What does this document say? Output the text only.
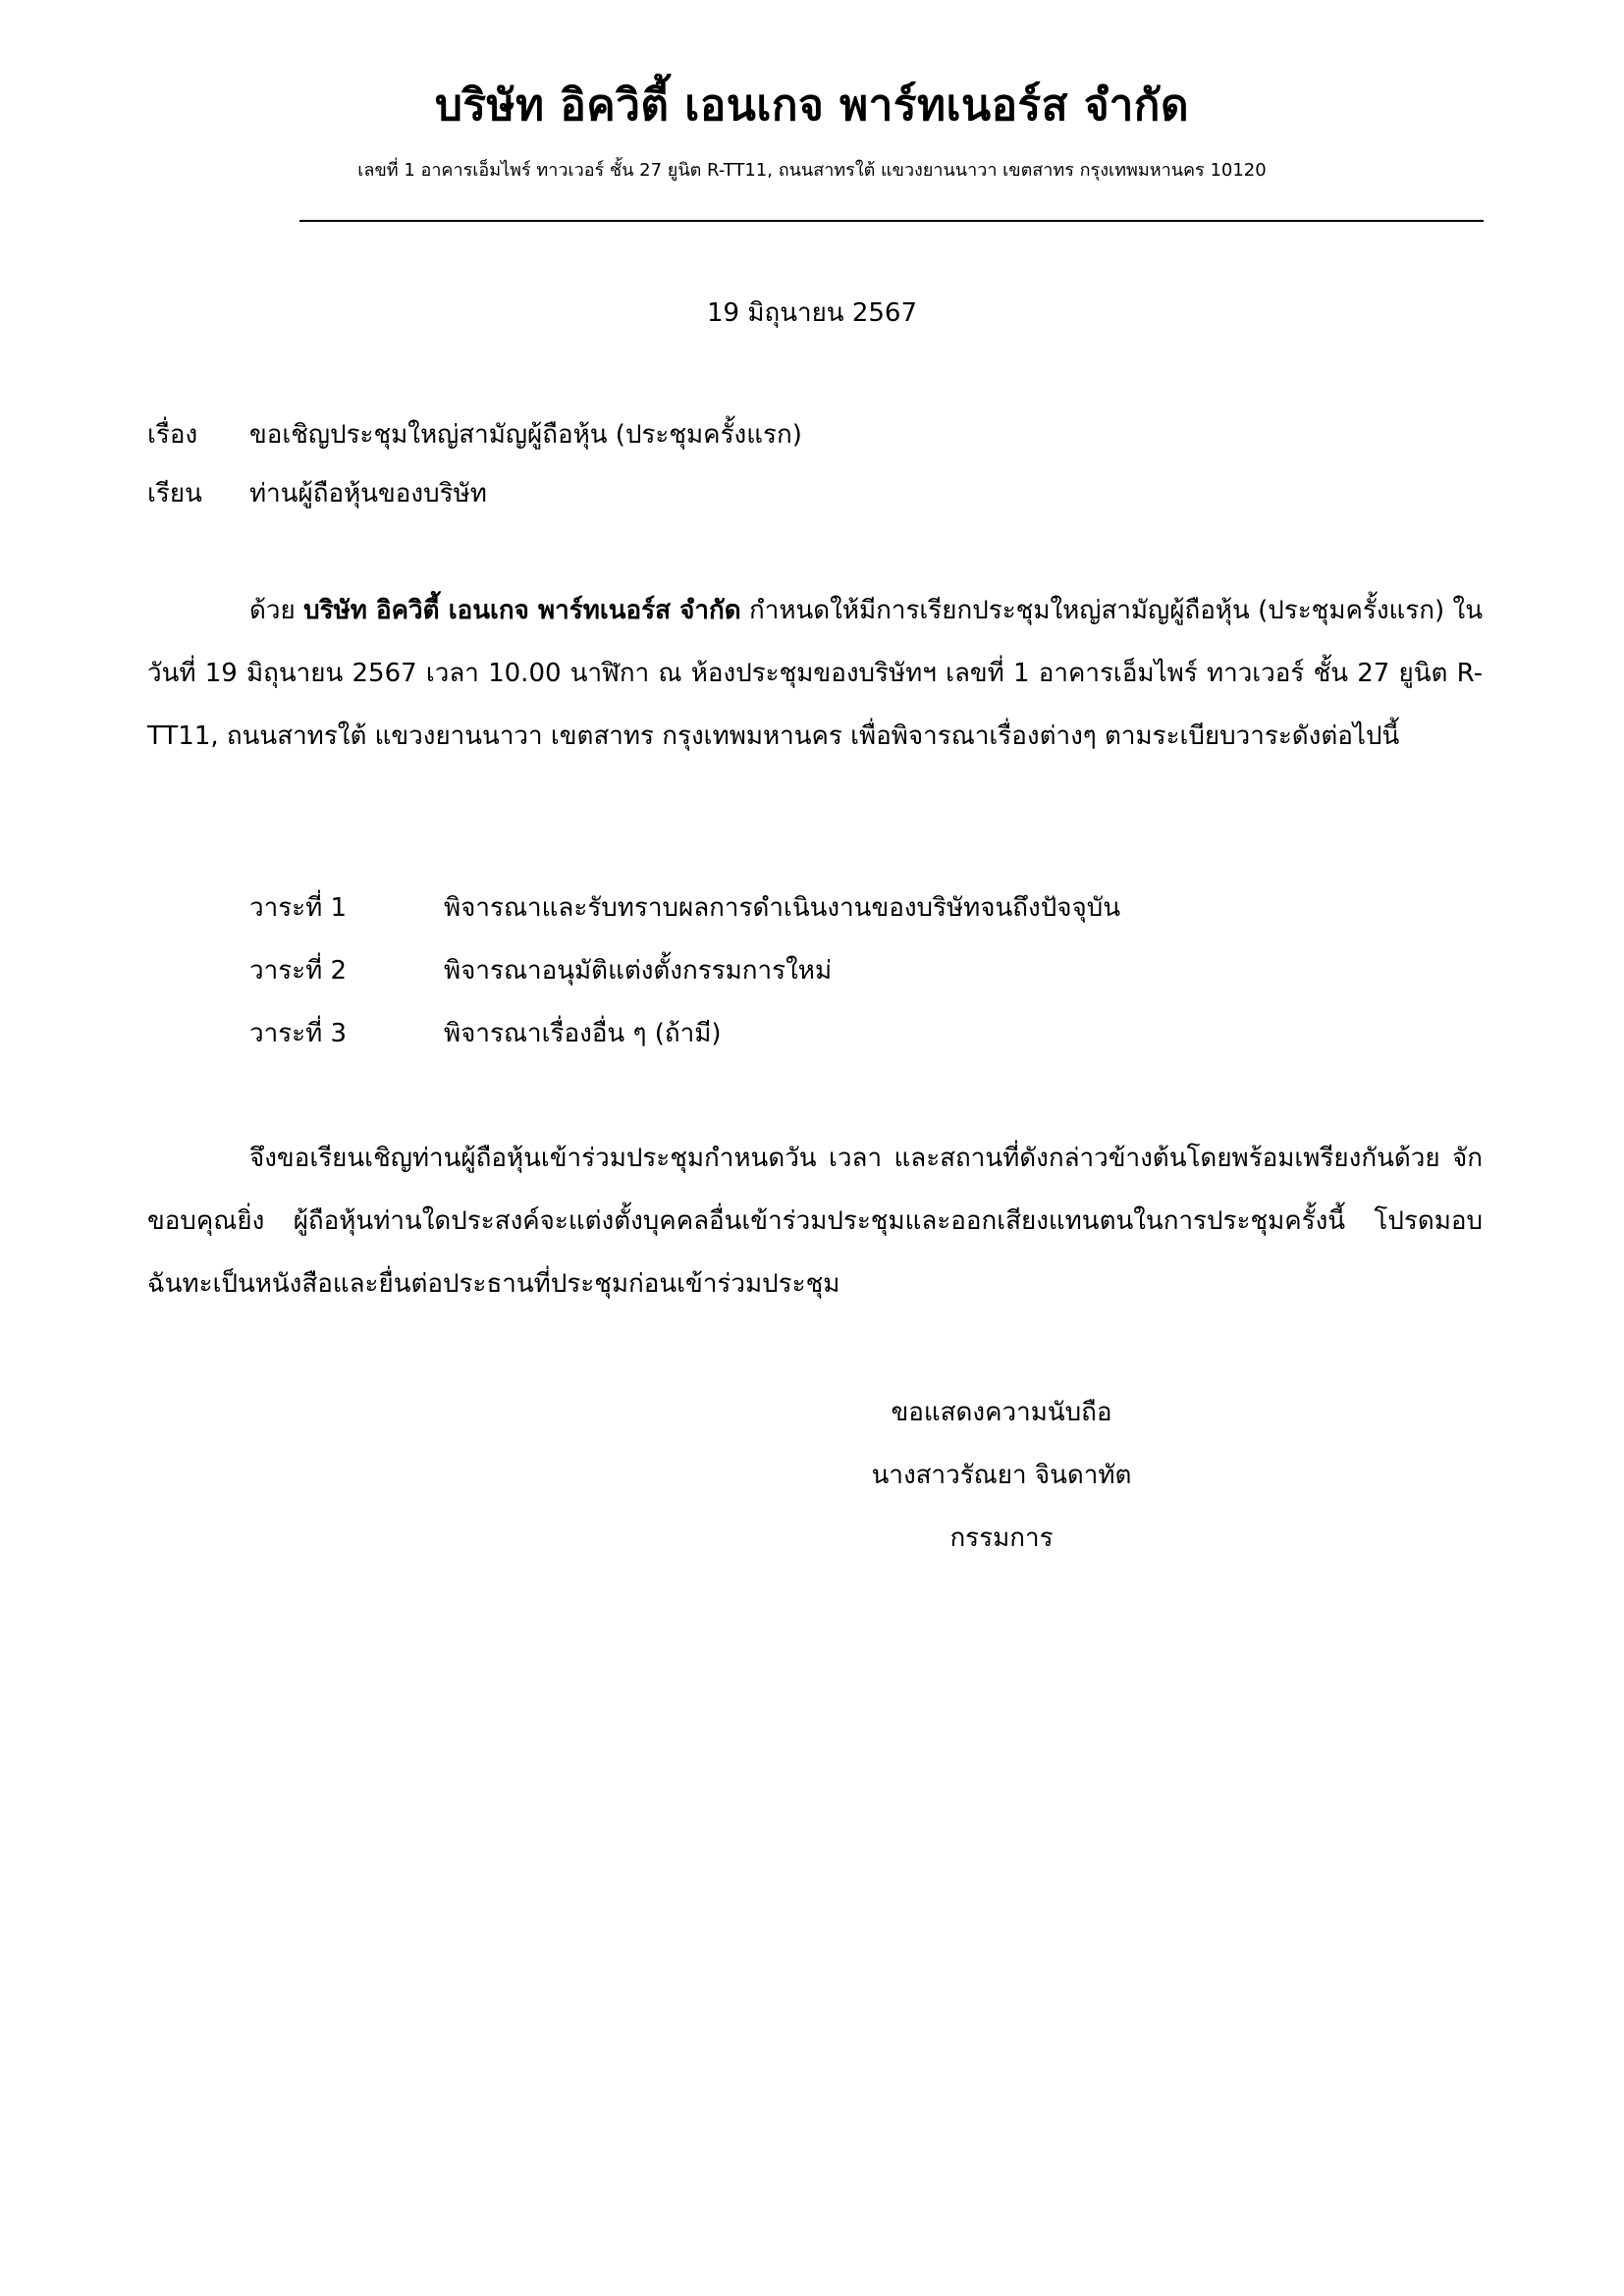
บริษัท อิควิตี้ เอนเกจ พาร์ทเนอร์ส จำกัด
เลขที่ 1 อาคารเอ็มไพร์ ทาวเวอร์ ชั้น 27 ยูนิต R-TT11, ถนนสาทรใต้ แขวงยานนาวา เขตสาทร กรุงเทพมหานคร 10120
19 มิถุนายน 2567
เรื่อง ขอเชิญประชุมใหญ่สามัญผู้ถือหุ้น (ประชุมครั้งแรก)
เรียน ท่านผู้ถือหุ้นของบริษัท
ด้วย บริษัท อิควิตี้ เอนเกจ พาร์ทเนอร์ส จำกัด กำหนดให้มีการเรียกประชุมใหญ่สามัญผู้ถือหุ้น (ประชุมครั้งแรก) ในวันที่ 19 มิถุนายน 2567 เวลา 10.00 นาฬิกา ณ ห้องประชุมของบริษัทฯ เลขที่ 1 อาคารเอ็มไพร์ ทาวเวอร์ ชั้น 27 ยูนิต R-TT11, ถนนสาทรใต้ แขวงยานนาวา เขตสาทร กรุงเทพมหานคร เพื่อพิจารณาเรื่องต่างๆ ตามระเบียบวาระดังต่อไปนี้
วาระที่ 1	พิจารณาและรับทราบผลการดำเนินงานของบริษัทจนถึงปัจจุบัน
วาระที่ 2	พิจารณาอนุมัติแต่งตั้งกรรมการใหม่
วาระที่ 3	พิจารณาเรื่องอื่น ๆ (ถ้ามี)
จึงขอเรียนเชิญท่านผู้ถือหุ้นเข้าร่วมประชุมกำหนดวัน เวลา และสถานที่ดังกล่าวข้างต้นโดยพร้อมเพรียงกันด้วย จักขอบคุณยิ่ง ผู้ถือหุ้นท่านใดประสงค์จะแต่งตั้งบุคคลอื่นเข้าร่วมประชุมและออกเสียงแทนตนในการประชุมครั้งนี้ โปรดมอบฉันทะเป็นหนังสือและยื่นต่อประธานที่ประชุมก่อนเข้าร่วมประชุม
ขอแสดงความนับถือ
นางสาวรัณยา จินดาทัต
กรรมการ
